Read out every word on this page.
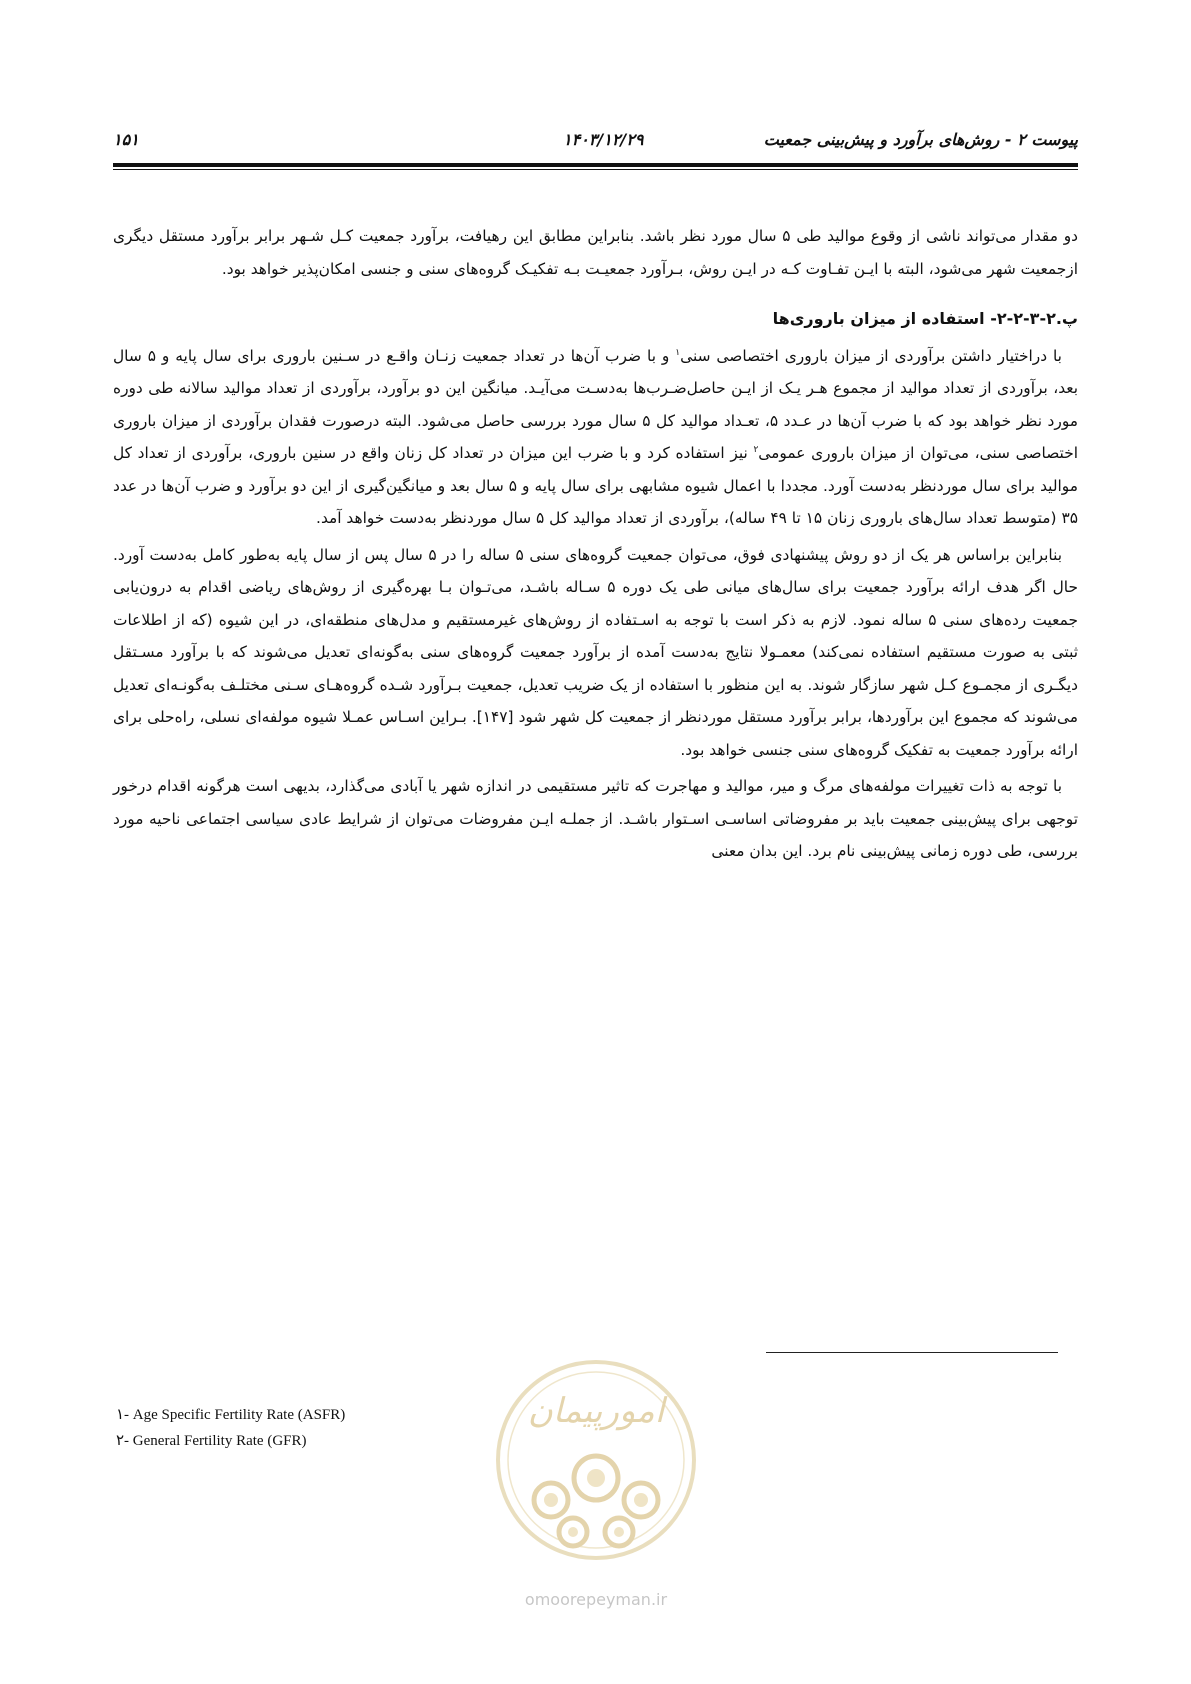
پیوست ۲ - روش‌های برآورد و پیش‌بینی جمعیت
۱۴۰۳/۱۲/۲۹
۱۵۱

دو مقدار می‌تواند ناشی از وقوع موالید طی ۵ سال مورد نظر باشد. بنابراین مطابق این رهیافت، برآورد جمعیت کـل شـهر برابر برآورد مستقل دیگری ازجمعیت شهر می‌شود، البته با ایـن تفـاوت کـه در ایـن روش، بـرآورد جمعیـت بـه تفکیـک گروه‌های سنی و جنسی امکان‌پذیر خواهد بود.

پ.۲-۳-۲-۲- استفاده از میزان باروری‌ها

با دراختیار داشتن برآوردی از میزان باروری اختصاصی سنی$^۱$ و با ضرب آن‌ها در تعداد جمعیت زنـان واقـع در سـنین باروری برای سال پایه و ۵ سال بعد، برآوردی از تعداد موالید از مجموع هـر یـک از ایـن حاصل‌ضـرب‌ها به‌دسـت می‌آیـد. میانگین این دو برآورد، برآوردی از تعداد موالید سالانه طی دوره مورد نظر خواهد بود که با ضرب آن‌ها در عـدد ۵، تعـداد موالید کل ۵ سال مورد بررسی حاصل می‌شود. البته درصورت فقدان برآوردی از میزان باروری اختصاصی سنی، می‌توان از میزان باروری عمومی$^۲$ نیز استفاده کرد و با ضرب این میزان در تعداد کل زنان واقع در سنین باروری، برآوردی از تعداد کل موالید برای سال موردنظر به‌دست آورد. مجددا با اعمال شیوه مشابهی برای سال پایه و ۵ سال بعد و میانگین‌گیری از این دو برآورد و ضرب آن‌ها در عدد ۳۵ (متوسط تعداد سال‌های باروری زنان ۱۵ تا ۴۹ ساله)، برآوردی از تعداد موالید کل ۵ سال موردنظر به‌دست خواهد آمد.

بنابراین براساس هر یک از دو روش پیشنهادی فوق، می‌توان جمعیت گروه‌های سنی ۵ ساله را در ۵ سال پس از سال پایه به‌طور کامل به‌دست آورد. حال اگر هدف ارائه برآورد جمعیت برای سال‌های میانی طی یک دوره ۵ سـاله باشـد، می‌تـوان بـا بهره‌گیری از روش‌های ریاضی اقدام به درون‌یابی جمعیت رده‌های سنی ۵ ساله نمود. لازم به ذکر است با توجه به اسـتفاده از روش‌های غیرمستقیم و مدل‌های منطقه‌ای، در این شیوه (که از اطلاعات ثبتی به صورت مستقیم استفاده نمی‌کند) معمـولا نتایج به‌دست آمده از برآورد جمعیت گروه‌های سنی به‌گونه‌ای تعدیل می‌شوند که با برآورد مسـتقل دیگـری از مجمـوع کـل شهر سازگار شوند. به این منظور با استفاده از یک ضریب تعدیل، جمعیت بـرآورد شـده گروه‌هـای سـنی مختلـف به‌گونـه‌ای تعدیل می‌شوند که مجموع این برآوردها، برابر برآورد مستقل موردنظر از جمعیت کل شهر شود [۱۴۷]. بـراین اسـاس عمـلا شیوه مولفه‌ای نسلی، راه‌حلی برای ارائه برآورد جمعیت به تفکیک گروه‌های سنی جنسی خواهد بود.

با توجه به ذات تغییرات مولفه‌های مرگ و میر، موالید و مهاجرت که تاثیر مستقیمی در اندازه شهر یا آبادی می‌گذارد، بدیهی است هرگونه اقدام درخور توجهی برای پیش‌بینی جمعیت باید بر مفروضاتی اساسـی اسـتوار باشـد. از جملـه ایـن مفروضات می‌توان از شرایط عادی سیاسی اجتماعی ناحیه مورد بررسی، طی دوره زمانی پیش‌بینی نام برد. این بدان معنی

امورپیمان
omoorepeyman.ir
۱- Age Specific Fertility Rate (ASFR)
۲- General Fertility Rate (GFR)
